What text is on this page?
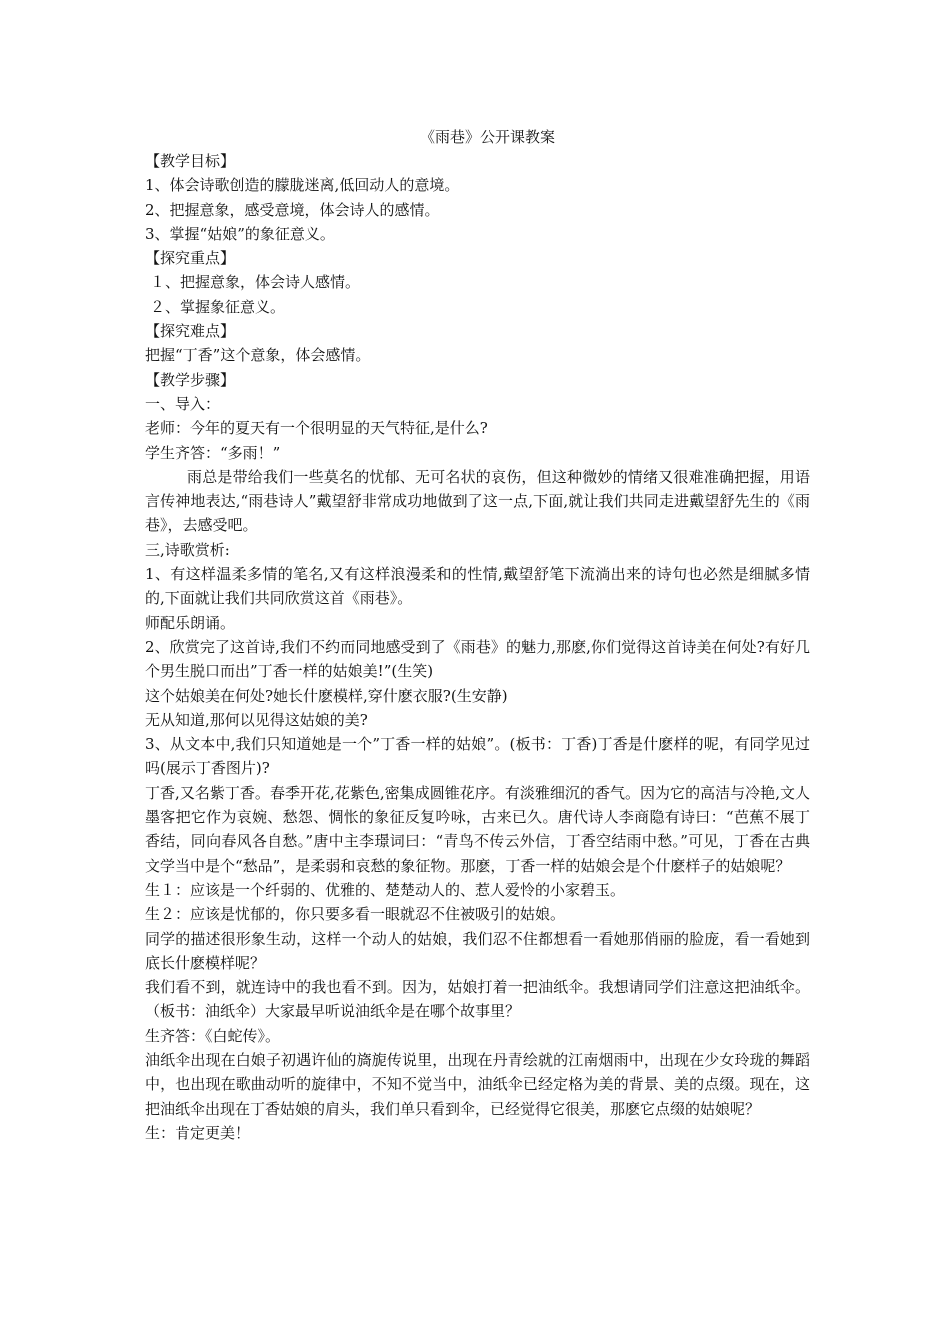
《雨巷》公开课教案

【教学目标】

1、体会诗歌创造的朦胧迷离,低回动人的意境。

2、把握意象，感受意境，体会诗人的感情。

3、掌握“姑娘”的象征意义。

【探究重点】

１、把握意象，体会诗人感情。

２、掌握象征意义。

【探究难点】

把握“丁香”这个意象，体会感情。

【教学步骤】

一、导入：

老师：今年的夏天有一个很明显的天气特征,是什么?

学生齐答：“多雨！”

雨总是带给我们一些莫名的忧郁、无可名状的哀伤，但这种微妙的情绪又很难准确把握，用语言传神地表达,“雨巷诗人”戴望舒非常成功地做到了这一点,下面,就让我们共同走进戴望舒先生的《雨巷》，去感受吧。

三,诗歌赏析:

1、有这样温柔多情的笔名,又有这样浪漫柔和的性情,戴望舒笔下流淌出来的诗句也必然是细腻多情的,下面就让我们共同欣赏这首《雨巷》。

师配乐朗诵。

2、欣赏完了这首诗,我们不约而同地感受到了《雨巷》的魅力,那麽,你们觉得这首诗美在何处?有好几个男生脱口而出”丁香一样的姑娘美!”(生笑)

这个姑娘美在何处?她长什麽模样,穿什麽衣服?(生安静)

无从知道,那何以见得这姑娘的美?

3、从文本中,我们只知道她是一个”丁香一样的姑娘”。(板书：丁香)丁香是什麽样的呢，有同学见过吗(展示丁香图片)?

丁香,又名紫丁香。春季开花,花紫色,密集成圆锥花序。有淡雅细沉的香气。因为它的高洁与冷艳,文人墨客把它作为哀婉、愁怨、惆怅的象征反复吟咏，古来已久。唐代诗人李商隐有诗曰：“芭蕉不展丁香结，同向春风各自愁。”唐中主李璟词曰：“青鸟不传云外信，丁香空结雨中愁。”可见，丁香在古典文学当中是个“愁品”，是柔弱和哀愁的象征物。那麽，丁香一样的姑娘会是个什麽样子的姑娘呢？

生１：应该是一个纤弱的、优雅的、楚楚动人的、惹人爱怜的小家碧玉。

生２：应该是忧郁的，你只要多看一眼就忍不住被吸引的姑娘。

同学的描述很形象生动，这样一个动人的姑娘，我们忍不住都想看一看她那俏丽的脸庞，看一看她到底长什麽模样呢？

我们看不到，就连诗中的我也看不到。因为，姑娘打着一把油纸伞。我想请同学们注意这把油纸伞。（板书：油纸伞）大家最早听说油纸伞是在哪个故事里？

生齐答：《白蛇传》。

油纸伞出现在白娘子初遇许仙的旖旎传说里，出现在丹青绘就的江南烟雨中，出现在少女玲珑的舞蹈中，也出现在歌曲动听的旋律中，不知不觉当中，油纸伞已经定格为美的背景、美的点缀。现在，这把油纸伞出现在丁香姑娘的肩头，我们单只看到伞，已经觉得它很美，那麽它点缀的姑娘呢？

生：肯定更美！
